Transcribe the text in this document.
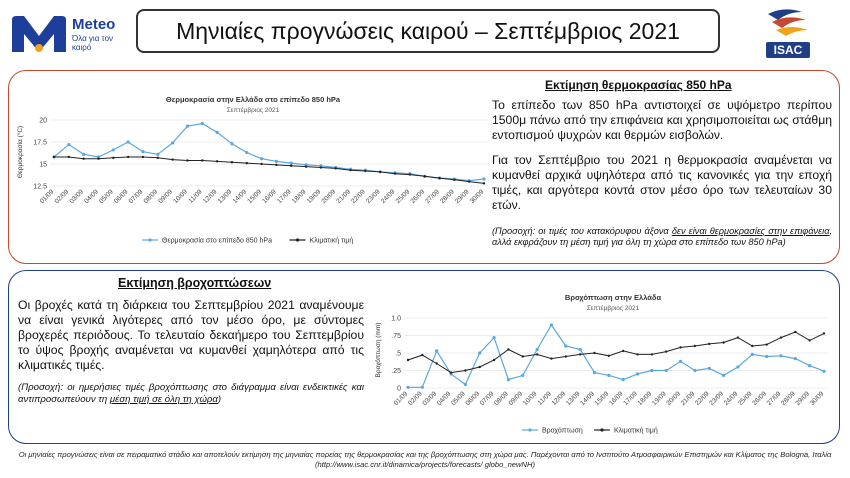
Meteo
Όλα για τον καιρό
Μηνιαίες προγνώσεις καιρού – Σεπτέμβριος 2021
ISAC
Θερμοκρασία στην Ελλάδα στο επίπεδο 850 hPa
Σεπτέμβριος 2021
Θερμοκρασία (°C)
12.5
15
17.5
20
01/09
02/09
03/09
04/09
05/09
06/09
07/09
08/09
09/09
10/09
11/09
12/09
13/09
14/09
15/09
16/09
17/09
18/09
19/09
20/09
21/09
22/09
23/09
24/09
25/09
26/09
27/09
28/09
29/09
30/09
Θερμοκρασία στο επίπεδο 850 hPa	Κλιματική τιμή
Εκτίμηση θερμοκρασίας 850 hPa

Το επίπεδο των 850 hPa αντιστοιχεί σε υψόμετρο περίπου 1500μ πάνω από την επιφάνεια και χρησιμοποιείται ως στάθμη εντοπισμού ψυχρών και θερμών εισβολών.

Για τον Σεπτέμβριο του 2021 η θερμοκρασία αναμένεται να κυμανθεί αρχικά υψηλότερα από τις κανονικές για την εποχή τιμές, και αργότερα κοντά στον μέσο όρο των τελευταίων 30 ετών.

(Προσοχή: οι τιμές του κατακόρυφου άξονα δεν είναι θερμοκρασίες στην επιφάνεια, αλλά εκφράζουν τη μέση τιμή για όλη τη χώρα στο επίπεδο των 850 hPa)
Εκτίμηση βροχοπτώσεων
Οι βροχές κατά τη διάρκεια του Σεπτεμβρίου 2021 αναμένουμε να είναι γενικά λιγότερες από τον μέσο όρο, με σύντομες βροχερές περιόδους. Το τελευταίο δεκαήμερο του Σεπτεμβρίου το ύψος βροχής αναμένεται να κυμανθεί χαμηλότερα από τις κλιματικές τιμές.
(Προσοχή: οι ημερήσιες τιμές βροχόπτωσης στο διάγραμμα είναι ενδεικτικές και αντιπροσωπεύουν τη μέση τιμή σε όλη τη χώρα)
Βροχόπτωση στην Ελλάδα
Σεπτέμβριος 2021
Βροχόπτωση (mm)
0
.25
.5
.75
1.0
01/09
02/09
03/09
04/09
05/09
06/09
07/09
08/09
09/09
10/09
11/09
12/09
13/09
14/09
15/09
16/09
17/09
18/09
19/09
20/09
21/09
22/09
23/09
24/09
25/09
26/09
27/09
28/09
29/09
30/09
Βροχόπτωση	Κλιματική τιμή
Οι μηνιαίες προγνώσεις είναι σε πειραματικό στάδιο και αποτελούν εκτίμηση της μηνιαίας πορείας της θερμοκρασίας και της βροχόπτωσης στη χώρα μας. Παρέχονται από το Ινστιτούτο Ατμοσφαιρικών Επιστημών και Κλίματος της Bologna, Ιταλία (http://www.isac.cnr.it/dinamica/projects/forecasts/ globo_newNH)
